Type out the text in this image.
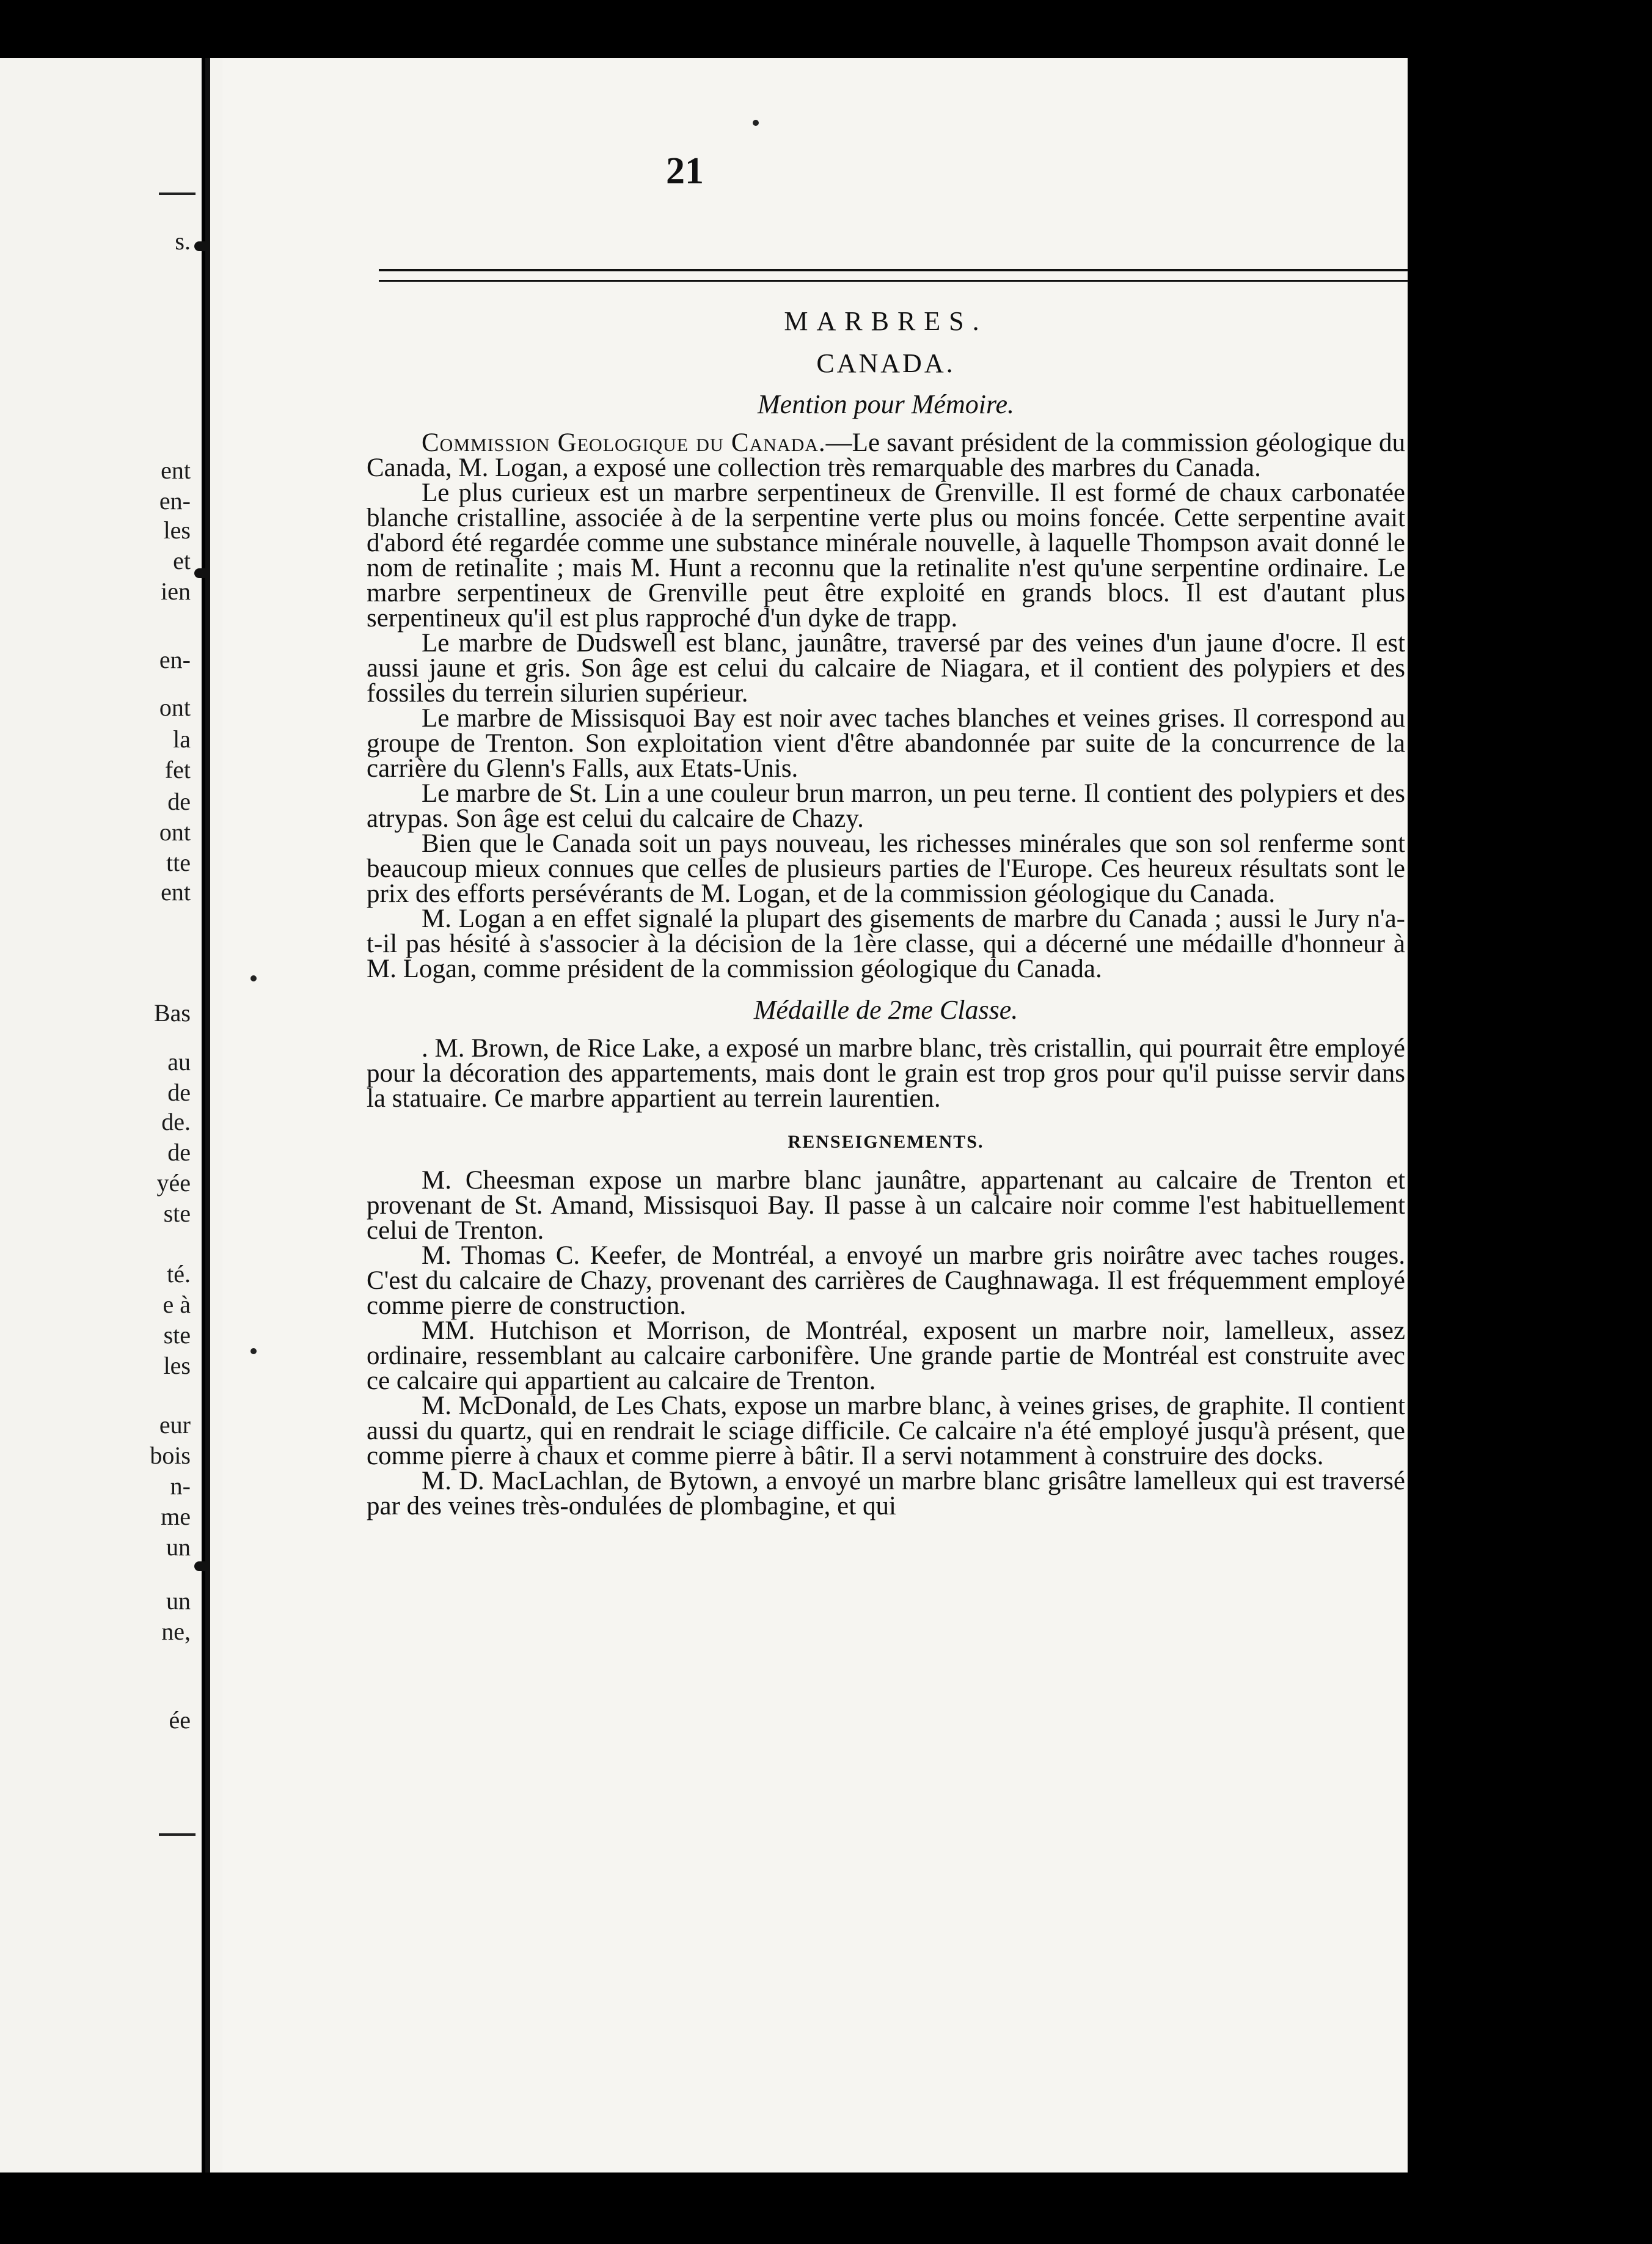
s.
ent
en-
les
et
ien
en-
ont
la
fet
de
ont
tte
ent
Bas
au
de
de.
de
yée
ste
té.
e à
ste
les
eur
bois
n-
me
un
un
ne,
ée
21
MARBRES.
CANADA.
Mention pour Mémoire.

Commission Geologique du Canada.—Le savant président de la commission géologique du Canada, M. Logan, a exposé une collection très remarquable des marbres du Canada.

Le plus curieux est un marbre serpentineux de Grenville. Il est formé de chaux carbonatée blanche cristalline, associée à de la serpentine verte plus ou moins foncée. Cette serpentine avait d'abord été regardée comme une substance minérale nouvelle, à laquelle Thompson avait donné le nom de retinalite ; mais M. Hunt a reconnu que la retinalite n'est qu'une serpentine ordinaire. Le marbre serpentineux de Grenville peut être exploité en grands blocs. Il est d'autant plus serpentineux qu'il est plus rapproché d'un dyke de trapp.

Le marbre de Dudswell est blanc, jaunâtre, traversé par des veines d'un jaune d'ocre. Il est aussi jaune et gris. Son âge est celui du calcaire de Niagara, et il contient des polypiers et des fossiles du terrein silurien supérieur.

Le marbre de Missisquoi Bay est noir avec taches blanches et veines grises. Il correspond au groupe de Trenton. Son exploitation vient d'être abandonnée par suite de la concurrence de la carrière du Glenn's Falls, aux Etats-Unis.

Le marbre de St. Lin a une couleur brun marron, un peu terne. Il contient des polypiers et des atrypas. Son âge est celui du calcaire de Chazy.

Bien que le Canada soit un pays nouveau, les richesses minérales que son sol renferme sont beaucoup mieux connues que celles de plusieurs parties de l'Europe. Ces heureux résultats sont le prix des efforts persévérants de M. Logan, et de la commission géologique du Canada.

M. Logan a en effet signalé la plupart des gisements de marbre du Canada ; aussi le Jury n'a-t-il pas hésité à s'associer à la décision de la 1ère classe, qui a décerné une médaille d'honneur à M. Logan, comme président de la commission géologique du Canada.

Médaille de 2me Classe.

. M. Brown, de Rice Lake, a exposé un marbre blanc, très cristallin, qui pourrait être employé pour la décoration des appartements, mais dont le grain est trop gros pour qu'il puisse servir dans la statuaire. Ce marbre appartient au terrein laurentien.

RENSEIGNEMENTS.

M. Cheesman expose un marbre blanc jaunâtre, appartenant au calcaire de Trenton et provenant de St. Amand, Missisquoi Bay. Il passe à un calcaire noir comme l'est habituellement celui de Trenton.

M. Thomas C. Keefer, de Montréal, a envoyé un marbre gris noirâtre avec taches rouges. C'est du calcaire de Chazy, provenant des carrières de Caughnawaga. Il est fréquemment employé comme pierre de construction.

MM. Hutchison et Morrison, de Montréal, exposent un marbre noir, lamelleux, assez ordinaire, ressemblant au calcaire carbonifère. Une grande partie de Montréal est construite avec ce calcaire qui appartient au calcaire de Trenton.

M. McDonald, de Les Chats, expose un marbre blanc, à veines grises, de graphite. Il contient aussi du quartz, qui en rendrait le sciage difficile. Ce calcaire n'a été employé jusqu'à présent, que comme pierre à chaux et comme pierre à bâtir. Il a servi notamment à construire des docks.

M. D. MacLachlan, de Bytown, a envoyé un marbre blanc grisâtre lamelleux qui est traversé par des veines très-ondulées de plombagine, et qui
